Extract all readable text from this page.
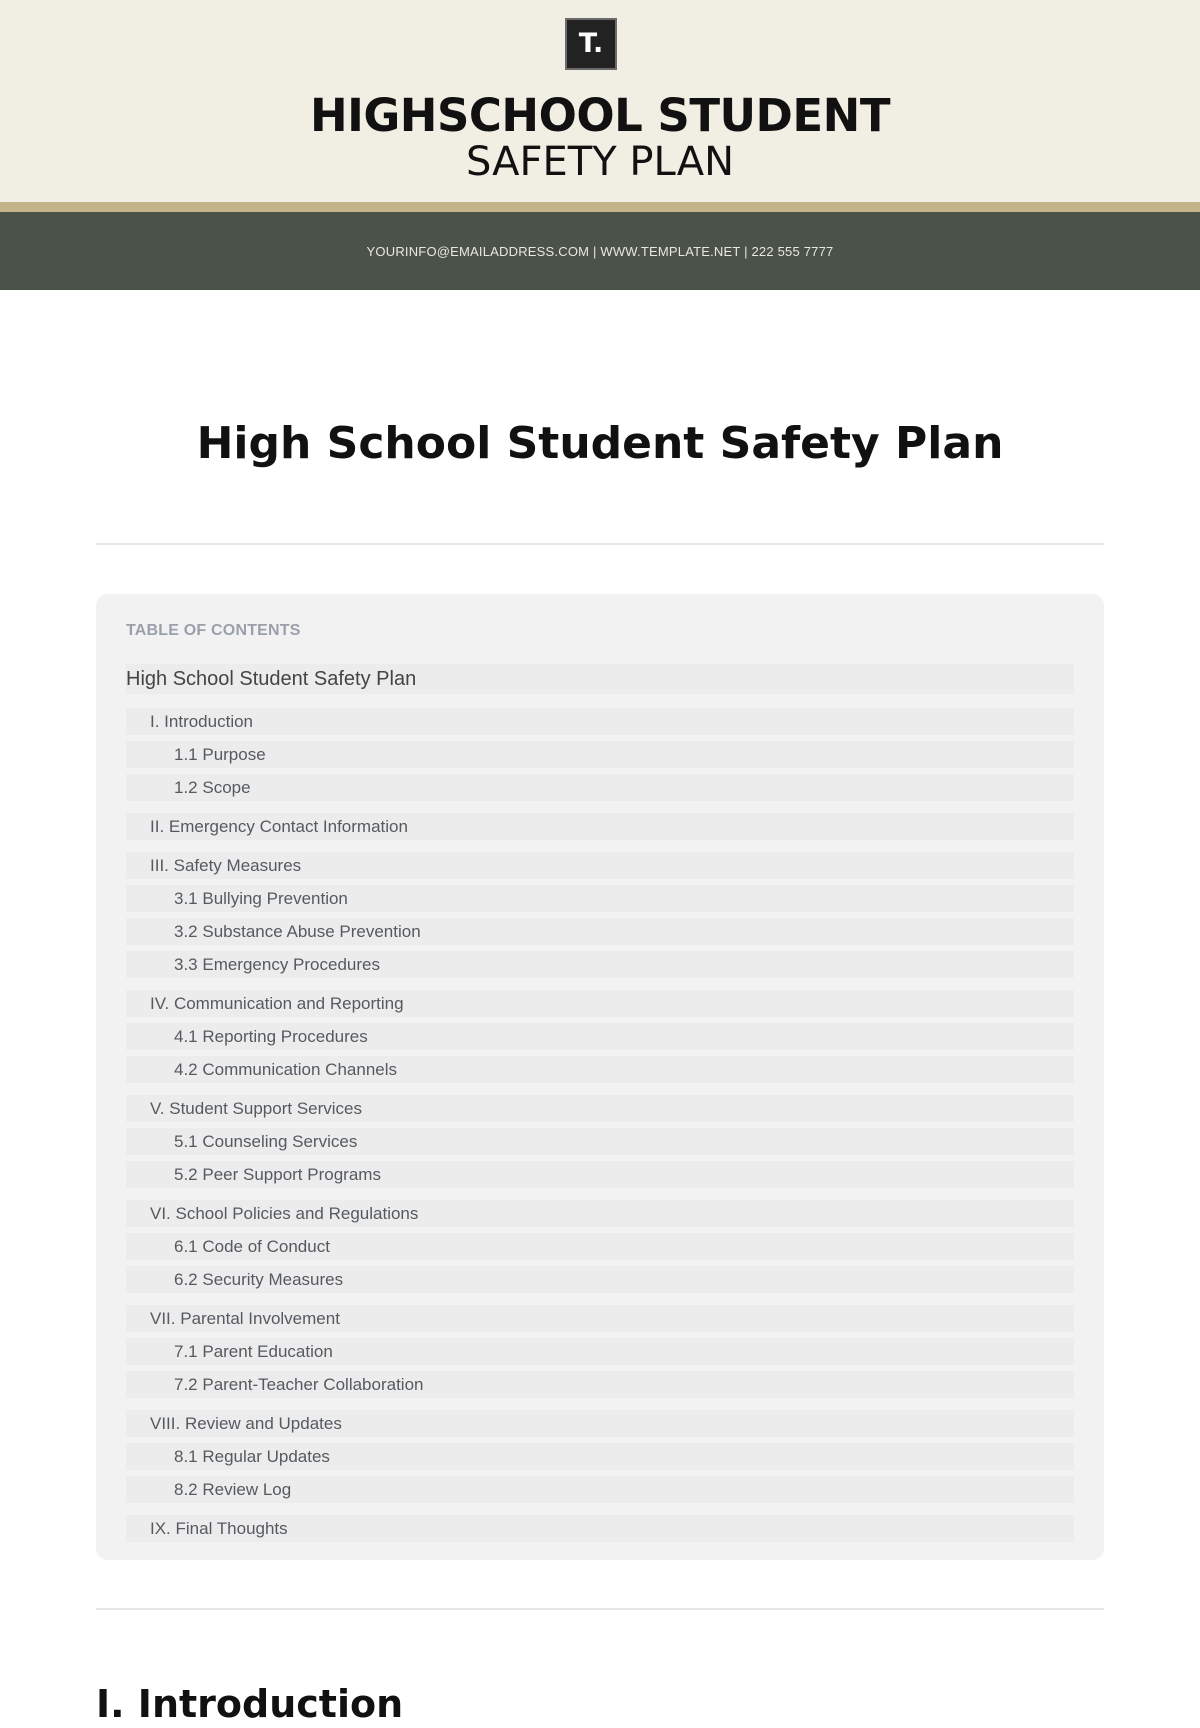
T.
HIGHSCHOOL STUDENT
SAFETY PLAN
YOURINFO@EMAILADDRESS.COM | WWW.TEMPLATE.NET | 222 555 7777
High School Student Safety Plan
TABLE OF CONTENTS
High School Student Safety Plan
I. Introduction
1.1 Purpose
1.2 Scope
II. Emergency Contact Information
III. Safety Measures
3.1 Bullying Prevention
3.2 Substance Abuse Prevention
3.3 Emergency Procedures
IV. Communication and Reporting
4.1 Reporting Procedures
4.2 Communication Channels
V. Student Support Services
5.1 Counseling Services
5.2 Peer Support Programs
VI. School Policies and Regulations
6.1 Code of Conduct
6.2 Security Measures
VII. Parental Involvement
7.1 Parent Education
7.2 Parent-Teacher Collaboration
VIII. Review and Updates
8.1 Regular Updates
8.2 Review Log
IX. Final Thoughts
I. Introduction
